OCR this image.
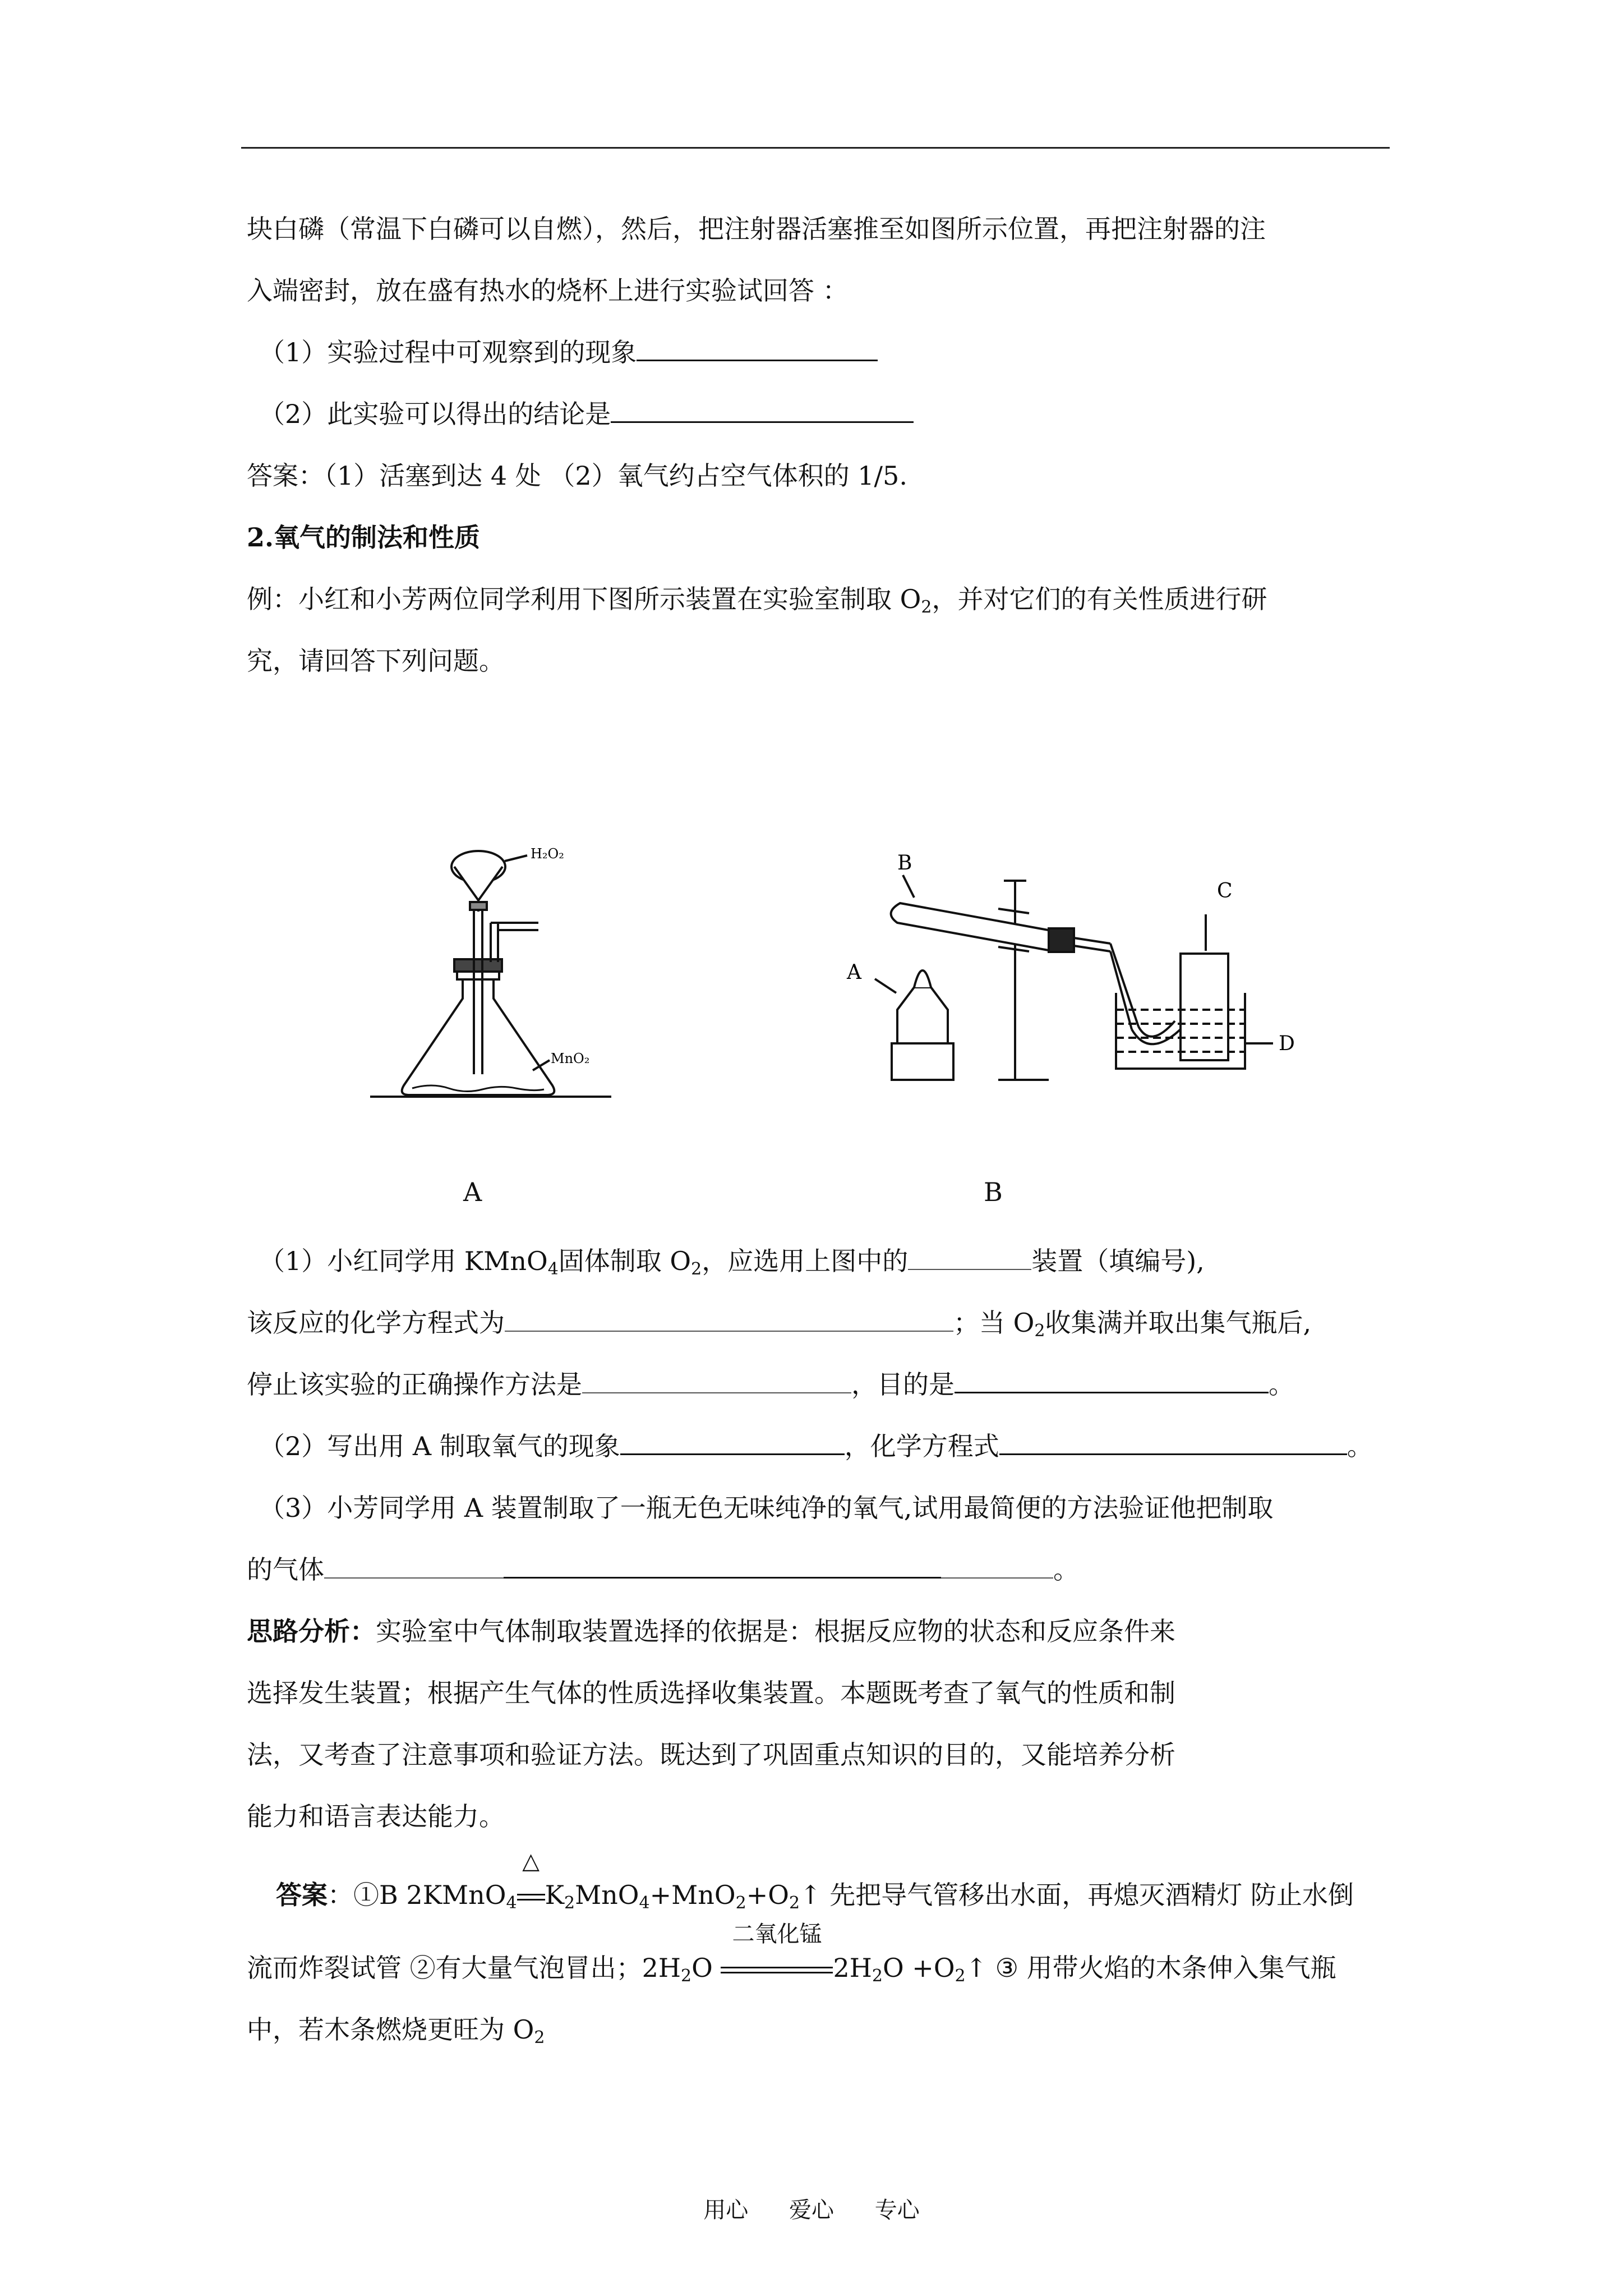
块白磷（常温下白磷可以自燃），然后，把注射器活塞推至如图所示位置，再把注射器的注
入端密封，放在盛有热水的烧杯上进行实验试回答 ：
（1）实验过程中可观察到的现象
（2）此实验可以得出的结论是
答案：（1）活塞到达 4 处 （2）氧气约占空气体积的 1/5.
2.氧气的制法和性质
例：小红和小芳两位同学利用下图所示装置在实验室制取 $O_2$，并对它们的有关性质进行研
究，请回答下列问题。
H₂O₂
MnO₂
B
A
C
D
A	B
（1）小红同学用 KMnO$_4$固体制取 $O_2$，应选用上图中的	装置（填编号),
该反应的化学方程式为	；当 $O_2$收集满并取出集气瓶后,
停止该实验的正确操作方法是	，目的是	。
（2）写出用 A 制取氧气的现象	，化学方程式	。
（3）小芳同学用 A 装置制取了一瓶无色无味纯净的氧气,试用最简便的方法验证他把制取
的气体	。
思路分析：实验室中气体制取装置选择的依据是：根据反应物的状态和反应条件来
选择发生装置；根据产生气体的性质选择收集装置。本题既考查了氧气的性质和制
法，又考查了注意事项和验证方法。既达到了巩固重点知识的目的，又能培养分析
能力和语言表达能力。
答案：①B 2KMnO$_4$
△
$K_2MnO_4+MnO_2+O_2↑$ 先把导气管移出水面，再熄灭酒精灯 防止水倒
流而炸裂试管 ②有大量气泡冒出；$2H_2O$
二氧化锰
$2H_2O$ $+O_2↑$ ③ 用带火焰的木条伸入集气瓶
中，若木条燃烧更旺为 $O_2$
用心 爱心 专心
